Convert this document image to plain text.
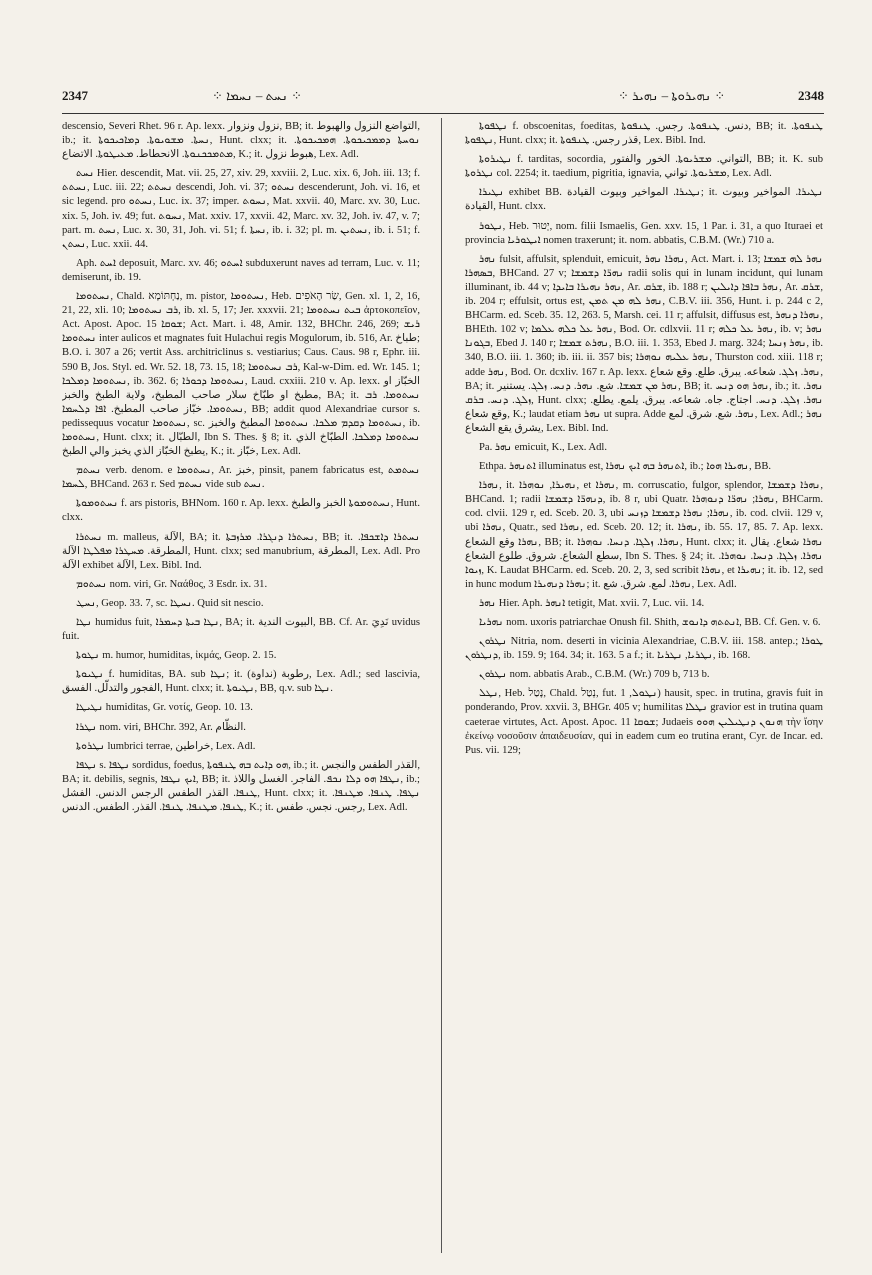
2347	⁘ ܢܚܬ – ܢܚܡܐ ⁘	⁘ ܢܗܝܪܘܬܐ – ܢܗܝܪ ⁘	2348

descensio, Severi Rhet. 96 r. Ap. lexx. نزول ونزوار, BB; it. التواضع النزول والهبوط, ib.; it. ܢܚܬܐ. ܡܫܘܝܘܬܐ. ܕܡܐܟܝܟܘܬܐ, Hunt. clxx; it. ܢܘܚܬܐ ܕܡܡܟܝܟܘܬܐ. ܗܡܟܝܟܘܬܐ. ܡܬܡܟܟܢܘܬܐ. الانحطاط. ܡܥܝܛܘܬܐ. الاتضاع, K.; it. هبوط نزول, Lex. Adl.

ܢܚܬ Hier. descendit, Mat. vii. 25, 27, xiv. 29, xxviii. 2, Luc. xix. 6, Joh. iii. 13; f. ܢܚܬܬ, Luc. iii. 22; ܢܚܬܬ descendi, Joh. vi. 37; ܢܚܬܘ descenderunt, Joh. vi. 16, et sic legend. pro ܢܚܬܘ, Luc. ix. 37; imper. ܢܚܘܬ, Mat. xxvii. 40, Marc. xv. 30, Luc. xix. 5, Joh. iv. 49; fut. ܢܚܘܬ, Mat. xxiv. 17, xxvii. 42, Marc. xv. 32, Joh. iv. 47, v. 7; part. m. ܢܚܬ, Luc. x. 30, 31, Joh. vi. 51; f. ܢܚܬܐ, ib. i. 32; pl. m. ܢܚܬܝܢ, ib. i. 51; f. ܢܚܬܢ, Luc. xxii. 44.

Aph. ܐܚܬ deposuit, Marc. xv. 46; ܐܚܬܘ subduxerunt naves ad terram, Luc. v. 11; demiserunt, ib. 19.

ܢܚܬܘܡܐ, Chald. נַחְתּוֹמָא, m. pistor, ܢܚܬܘܡܐ, Heb. שַׂר הָאֹפִים, Gen. xl. 1, 2, 16, 21, 22, xli. 10; ܪܒ ܢܚܬܘܡܐ, ib. xl. 5, 17; Jer. xxxvii. 21; ܒܝܬ ܢܚܬܘܡܐ ἀρτοκοπεῖον, Act. Apost. Apoc. ܫܘܩܐ 15; Act. Mart. i. 48, Amir. 132, BHChr. 246, 269; ܪܝܫ ܢܚܬܘܡܐ inter aulicos et magnates fuit Hulachui regis Mogulorum, ib. 516, Ar. طباخ; B.O. i. 307 a 26; vertit Ass. architriclinus s. vestiarius; Caus. Caus. 98 r, Ephr. iii. 590 B, Jos. Styl. ed. Wr. 52. 18, 73. 15, 18; ܪܒ ܢܚܬܘܡܐ, Kal-w-Dim. ed. Wr. 145. 1; ܢܚܬܘܡܐ ܕܡܠܟܐ, ib. 362. 6; ܢܚܬܘܡܐ ܕܟܘܪܐ, Laud. cxxiii. 210 v. Ap. lexx. الخبّاز او مطبخ او طبّاخ سلار صاحب المطبخ، ولاية الطبخ والخبز, BA; it. ܢܚܬܘܡܐ. ܪܒ ܢܚܬܘܡܐ. خبّاز صاحب المطبخ. ܐܦܐ ܕܠܚܡܐ, BB; addit quod Alexandriae cursor s. pedissequus vocatur ܢܚܬܘܡܐ, sc. ܢܚܬܘܡܐ ܕܩܕܡ ܡܠܟܐ. ܢܚܬܘܡܐ المطبخ والخبز, ib. ܢܚܬܘܡܐ, Hunt. clxx; it. الطبّال, Ibn S. Thes. § 8; it. ܢܚܬܘܡܐ ܕܡܠܟܐ. الطبّاخ الذي يطبخ الخبّاز الذي يخبز والي الطبخ, K.; it. خبّاز, Lex. Adl.

ܢܚܬܡ verb. denom. e ܢܚܬܘܡܐ, Ar. خبز, pinsit, panem fabricatus est, ܢܚܬܡܬ ܠܚܡܐ, BHCand. 263 r. Sed ܢܚܬܡ vide sub ܢܚܬ.

ܢܚܬܘܡܘܬܐ f. ars pistoris, BHNom. 160 r. Ap. lexx. ܢܚܬܘܡܘܬܐ الخبز والطبخ, Hunt. clxx.

ܢܚܬܪܐ m. malleus, الآلة, BA; it. ܢܚܬܪܐ ܕܢܓܪܐ. ܡܪܙܒܬܐ, BB; it. ܢܚܬܪܐ ܕܐܫܟܦܐ. المطرقة. ܡܚܛܪܐ ܡܦܠܛܐ الآلة, Hunt. clxx; sed manubrium, المطرقة, Lex. Adl. Pro الآلة exhibet الآلة, Lex. Bibl. Ind.

ܢܚܬܘܡ nom. viri, Gr. Ναάθος, 3 Esdr. ix. 31.

ܢܚܛ, Geop. 33. 7, sc. ܢܚܛܐ. Quid sit nescio.

ܢܛܐ humidus fuit, ܢܛܐ ܒܝܬܐ ܕܚܡܪܐ, BA; it. البيوت الندية, BB. Cf. Ar. نَدِيَ uvidus fuit.

ܢܛܘܬܐ m. humor, humiditas, ἰκμάς, Geop. 2. 15.

ܢܛܝܘܬܐ f. humiditas, BA. sub ܢܛܐ; it. (نداوة) رطوبة, Lex. Adl.; sed lascivia, الفجور والتدلّل. الفسق, Hunt. clxx; it. ܢܛܝܘܬܐ, BB, q.v. sub ܢܛܐ.

ܢܛܝܛܐ humiditas, Gr. νοτίς, Geop. 10. 13.

ܢܛܪܐ nom. viri, BHChr. 392, Ar. النظّام.

ܢܛܪܘܬܐ lumbrici terrae, خراطين, Lex. Adl.

ܢܛܦܐ s. ܢܛܦܐ sordidus, foedus, ܗܘ ܕܐܝܬ ܒܗ ܛܢܦܘܬܐ, ib.; it. القذر الطفس والنجس, BA; it. debilis, segnis, ܐܝܟ ܢܛܦܐ, BB; it. ܢܛܦܐ ܗܘ ܕܠܐ ܢܟܦ. الفاجر. الغسل واللاذ, ib.; ܛܢܦܐ. القذر الطفس الرجس الدنس. الفشل, Hunt. clxx; it. ܢܛܦܐ. ܛܢܦܐ. ܡܛܢܦܐ. ܛܢܦܐ. ܡܛܢܦܐ. ܛܢܦܐ. القذر. الطفس. الدنس, K.; it. رجس. نجس. طفس, Lex. Adl.

ܢܛܦܘܬܐ f. obscoenitas, foeditas, دنس. ܛܢܦܘܬܐ. رجس. ܛܢܦܘܬܐ, BB; it. ܛܢܦܘܬܐ. ܢܛܦܘܬܐ, Hunt. clxx; it. قذر رجس. ܛܢܦܘܬܐ, Lex. Bibl. Ind.

ܢܛܝܪܘܬܐ f. tarditas, socordia, التواني. ܡܫܪܝܘܬܐ. الخور والفتور, BB; it. K. sub ܢܛܪܘܬܐ col. 2254; it. taedium, pigritia, ignavia, ܡܫܪܝܘܬܐ. تواني, Lex. Adl.

ܢܛܝܪܐ exhibet BB. ܢܛܝܪܐ. المواخير وبيوت القيادة; it. ܢܛܝܪܐ. المواخير وبيوت القيادة, Hunt. clxx.

ܢܛܘܪ, Heb. יְטוּר, nom. filii Ismaelis, Gen. xxv. 15, 1 Par. i. 31, a quo Ituraei et provincia ܐܝܛܘܪܝܐ nomen traxerunt; it. nom. abbatis, C.B.M. (Wr.) 710 a.

ܢܗܪ fulsit, affulsit, splenduit, emicuit, ܢܗܪܐ ܢܗܪ, Act. Mart. i. 13; ܢܗܪ ܠܗ ܫܡܫܐ ܒܣܗܪܐ, BHCand. 27 v; ܢܗܪ̈ܐ ܕܫܡܫܐ radii solis qui in lunam incidunt, qui lunam illuminant, ib. 44 v; ܢܗܪ ܢܗܝܪܐ ܒܐܝܕܐ, Ar. ܫܪܩ, ib. 188 r; ܢܗܪ ܒܐܦܐ ܕܐܝܠܝܢ, Ar. ܫܪܩ, ib. 204 r; effulsit, ortus est, ܢܗܪ ܠܗ ܡܢ ܬܡܢ, C.B.V. iii. 356, Hunt. i. p. 244 c 2, BHCarm. ed. Sceb. 35. 12, 263. 5, Marsh. cei. 11 r; affulsit, diffusus est, ܢܗܪܐ ܕܢܗܪ, BHEth. 102 v; ܢܗܪ ܥܠ ܟܠܗ ܥܠܡܐ, Bod. Or. cdlxvii. 11 r; ܢܗܪ ܥܠ ܟܠܗ, ib. v; ܢܗܪ ܒܓܘܢܐ, Ebed J. 140 r; ܢܗܪܬ ܫܡܫܐ, B.O. iii. 1. 353, Ebed J. marg. 324; ܢܗܪ ܙܢܚܐ, ib. 340, B.O. iii. 1. 360; ib. iii. ii. 357 bis; ܢܗܪ ܥܠܝܗ ܢܘܗܪܐ, Thurston cod. xiii. 118 r; adde ܢܗܪ, Bod. Or. dcxliv. 167 r. Ap. lexx. ܢܗܪ. ܙܠܓ. شعاعه. يبرق. طلع. وقع شعاع, BA; it. ܢܗܪ ܡܢ ܫܡܫܐ. شع. ܢܗܪ. ܕܢܚ. ܙܠܓ. يستنير, BB; it. ܢܗܪ ܗܘ ܕܢܚ, ib.; it. ܢܗܪ. ܙܠܓ. ܕܢܚ. ܒܪܩ, Hunt. clxx; ܢܗܪ. ܙܠܓ. ܕܢܚ. اجتاج. جاه. شعاعه. يبرق. يلمع. يطلع. وقع شعاع, K.; laudat etiam ܢܗܪ ut supra. Adde ܢܗܪ. شع. شرق. لمع, Lex. Adl.; ܢܗܪ يشرق يقع الشعاع, Lex. Bibl. Ind.

Pa. ܢܗܪ emicuit, K., Lex. Adl.

Ethpa. ܐܬܢܗܪ illuminatus est, ܐܬܢܗܪ ܒܗ ܐܝܟ ܢܗܪܐ, ib.; ܢܗܝܪܐ ܗܘܐ, BB.

ܢܗܪܐ, it. ܢܗܝܪܐ, ܢܘܗܪܐ, et ܢܗܪܐ, m. corruscatio, fulgor, splendor, ܢܗܪܐ ܕܫܡܫܐ, BHCand. 1; radii ܕܢܗܪ̈ܐ ܕܫܡܫܐ, ib. 8 r, ubi Quatr. ܢܗܪܐ; ܢܗܪ̈ܐ ܕܢܘܗܪܐ, BHCarm. cod. clvii. 129 r, ed. Sceb. 20. 3, ubi ܢܗܪܐ; ܢܗܪܐ ܕܫܡܫܐ ܕܙܢܚ, ib. cod. clvii. 129 v, ubi ܢܗܪܐ, Quatr., sed ܢܗܪܐ, ed. Sceb. 20. 12; it. ܢܗܪܐ, ib. 55. 17, 85. 7. Ap. lexx. ܢܗܪܐ وقع الشعاع, BB; it. ܢܗܪܐ. ܙܠܓܐ. ܕܢܚܐ. ܢܘܗܪܐ, Hunt. clxx; it. ܢܗܪܐ شعاع. يقال سطع الشعاع. شروق. طلوع الشعاع, Ibn S. Thes. § 24; it. ܢܗܪܐ. ܙܠܓܐ. ܕܢܚܐ. ܢܘܗܪܐ. ܙܝܘܐ, K. Laudat BHCarm. ed. Sceb. 20. 2, 3, sed scribit ܢܗܪܐ, et ܢܗܝܪܐ; it. ib. 12, sed in hunc modum ܢܗܪܐ ܕܢܗܝܪܐ; it. ܢܗܪܐ. لمع. شرق. شع, Lex. Adl.

ܢܗܪ Hier. Aph. ܐܢܗܪ tetigit, Mat. xvii. 7, Luc. vii. 14.

ܢܗܪܝܐ nom. uxoris patriarchae Onush fil. Shith, ܐܢܬܬܗ ܕܐܢܘܫ, BB. Cf. Gen. v. 6.

ܢܛܪܘܢ Nitria, nom. deserti in vicinia Alexandriae, C.B.V. iii. 158. antep.; ܛܘܪܐ ܕܢܛܪܘܢ, ib. 159. 9; 164. 34; it. 163. 5 a f.; it. ܢܛܪܝܐ, ܢܛܪܝܐ, ib. 168.

ܢܛܪܘܢ nom. abbatis Arab., C.B.M. (Wr.) 709 b, 713 b.

ܢܛܠ, Heb. נָטַל, Chald. נְטַל, fut. ܢܛܘܠ, 1) hausit, spec. in trutina, gravis fuit in ponderando, Prov. xxvii. 3, BHGr. 405 v; humilitas ܢܛܠܐ gravior est in trutina quam caeterae virtutes, Act. Apost. Apoc. ܫܘܩܐ 11; Judaeis ܗܢܘܢ ܕܢܛܝܠܝܢ ܗܘܘ τὴν ἴσην ἐκείνῳ νοσοῦσιν ἀπαιδευσίαν, qui in eadem cum eo trutina erant, Cyr. de Incar. ed. Pus. vii. 129;
